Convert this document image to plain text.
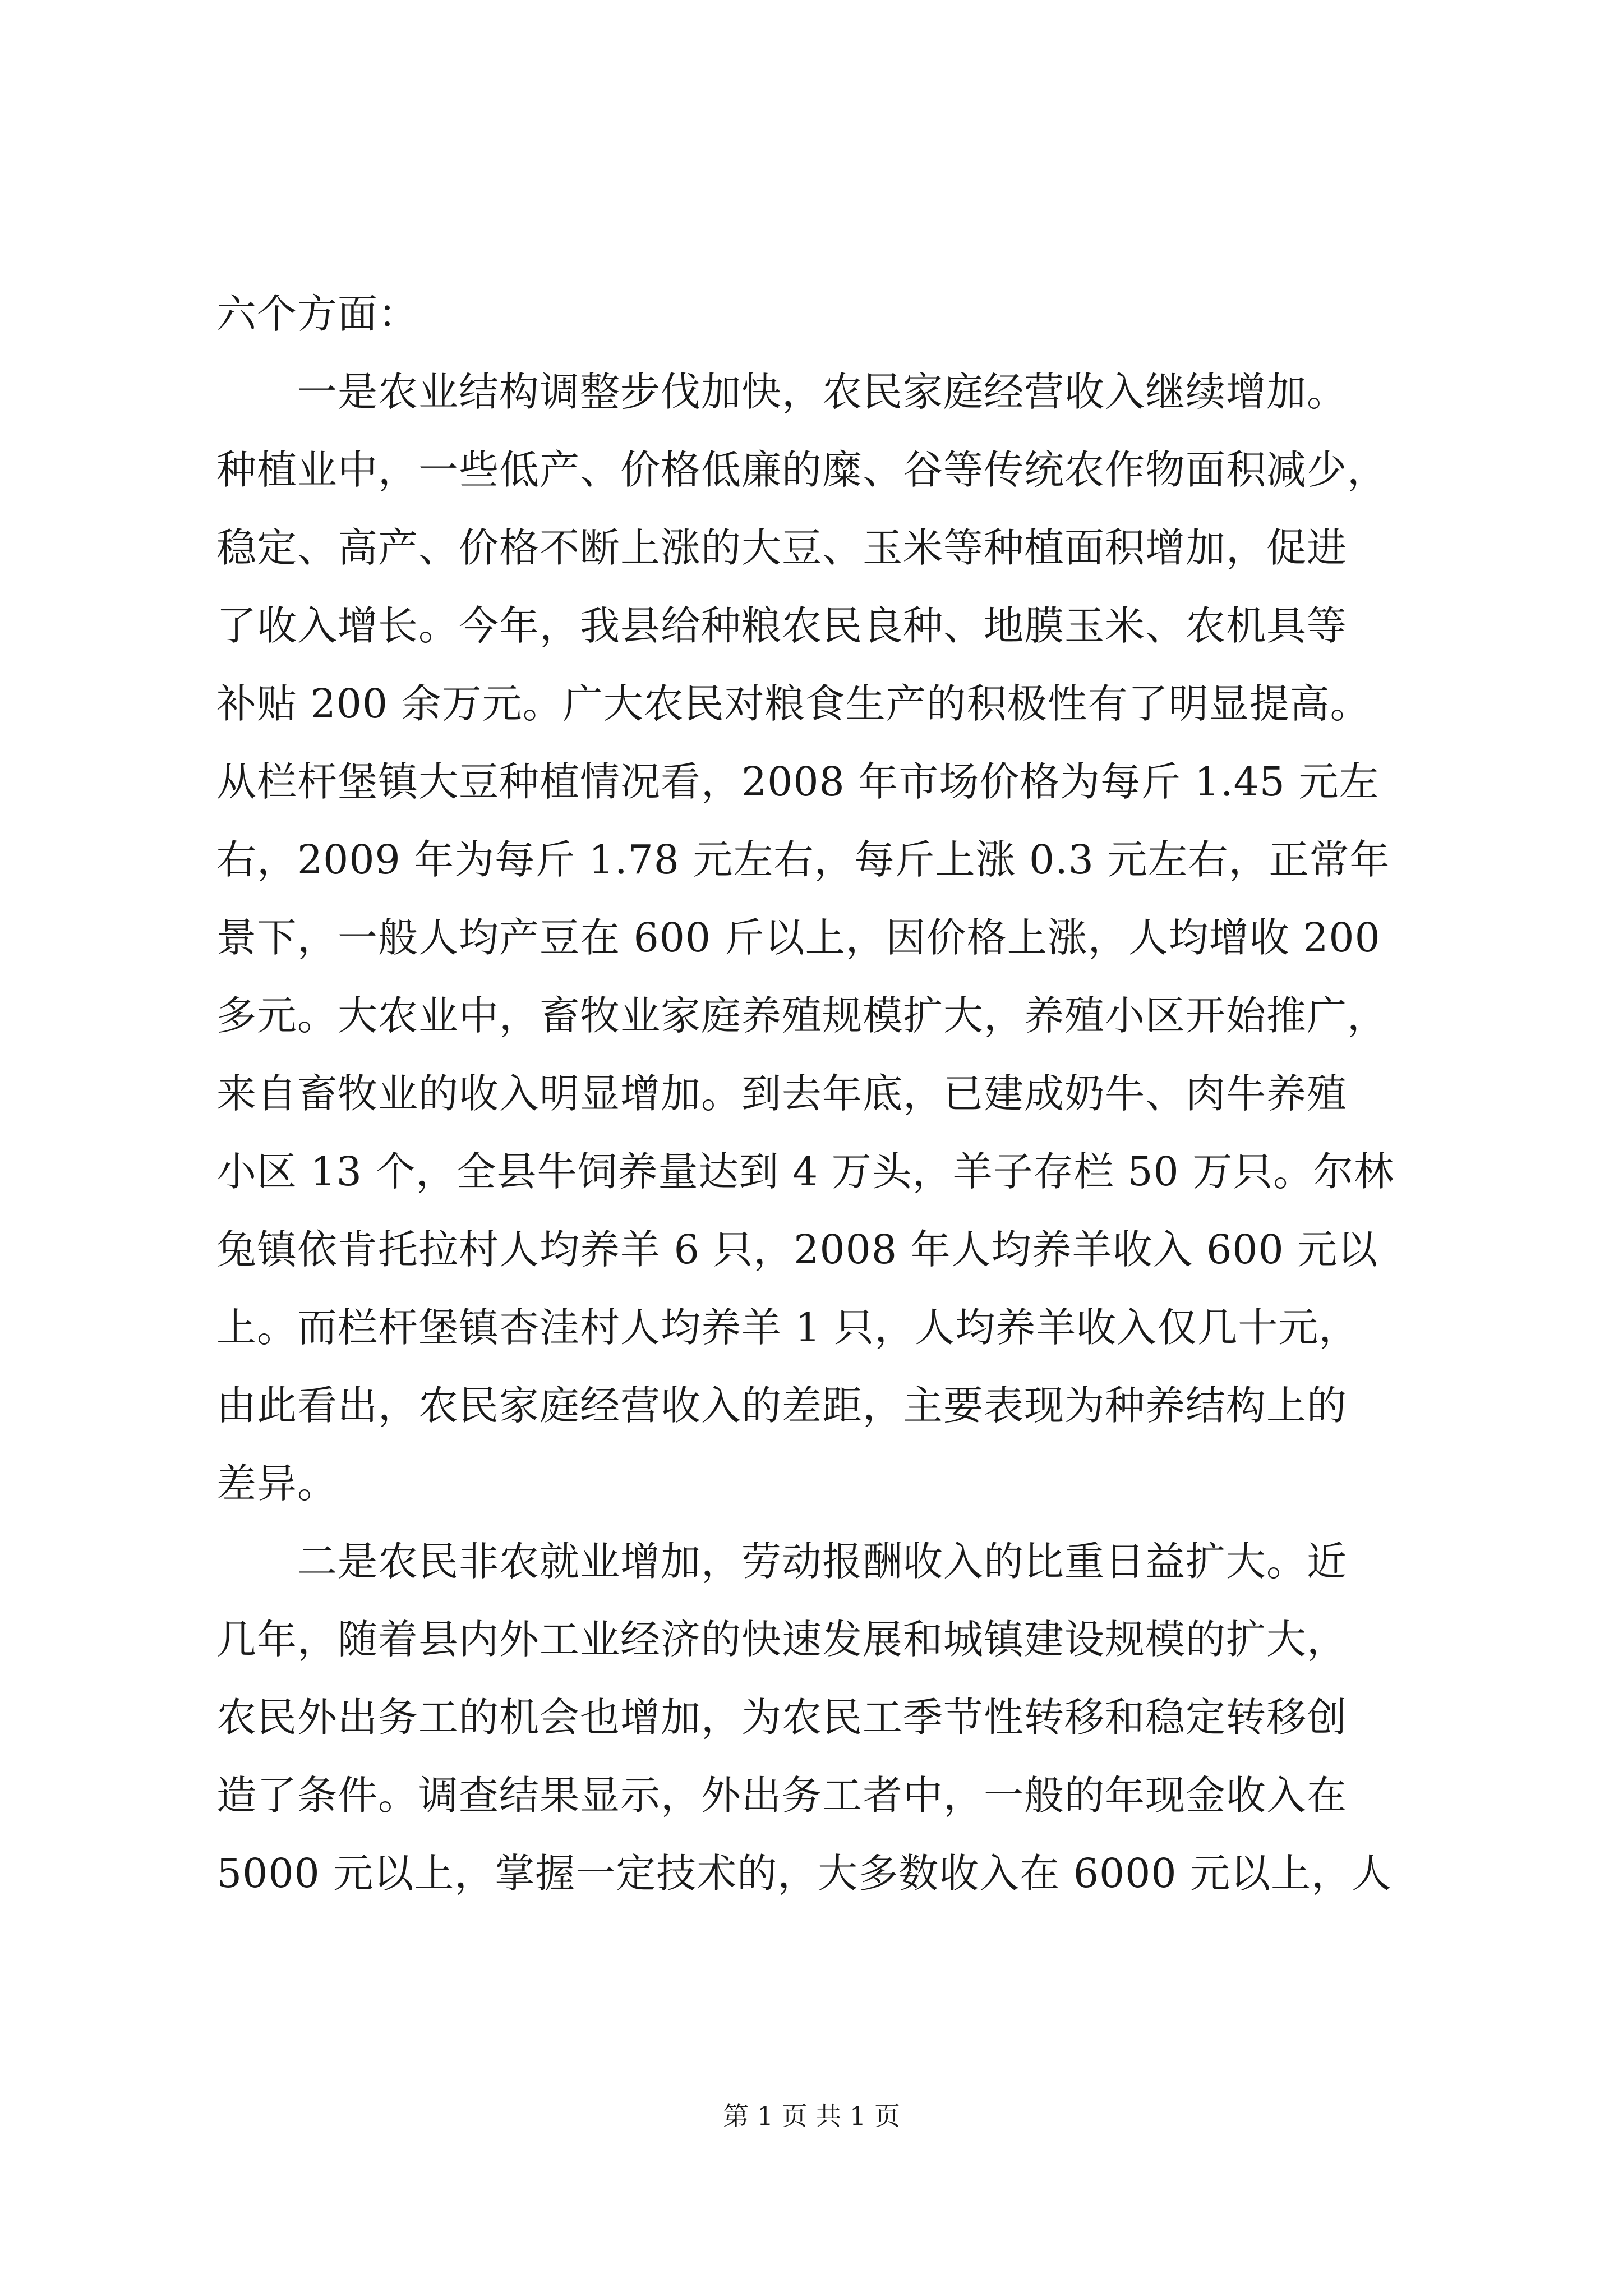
六个方面：
　　一是农业结构调整步伐加快，农民家庭经营收入继续增加。
种植业中，一些低产、价格低廉的糜、谷等传统农作物面积减少，
稳定、高产、价格不断上涨的大豆、玉米等种植面积增加，促进
了收入增长。今年，我县给种粮农民良种、地膜玉米、农机具等
补贴 200 余万元。广大农民对粮食生产的积极性有了明显提高。
从栏杆堡镇大豆种植情况看，2008 年市场价格为每斤 1.45 元左
右，2009 年为每斤 1.78 元左右，每斤上涨 0.3 元左右，正常年
景下，一般人均产豆在 600 斤以上，因价格上涨，人均增收 200
多元。大农业中，畜牧业家庭养殖规模扩大，养殖小区开始推广，
来自畜牧业的收入明显增加。到去年底，已建成奶牛、肉牛养殖
小区 13 个，全县牛饲养量达到 4 万头，羊子存栏 50 万只。尔林
兔镇依肯托拉村人均养羊 6 只，2008 年人均养羊收入 600 元以
上。而栏杆堡镇杏洼村人均养羊 1 只，人均养羊收入仅几十元，
由此看出，农民家庭经营收入的差距，主要表现为种养结构上的
差异。
　　二是农民非农就业增加，劳动报酬收入的比重日益扩大。近
几年，随着县内外工业经济的快速发展和城镇建设规模的扩大，
农民外出务工的机会也增加，为农民工季节性转移和稳定转移创
造了条件。调查结果显示，外出务工者中，一般的年现金收入在
5000 元以上，掌握一定技术的，大多数收入在 6000 元以上，人
第 1 页 共 1 页
